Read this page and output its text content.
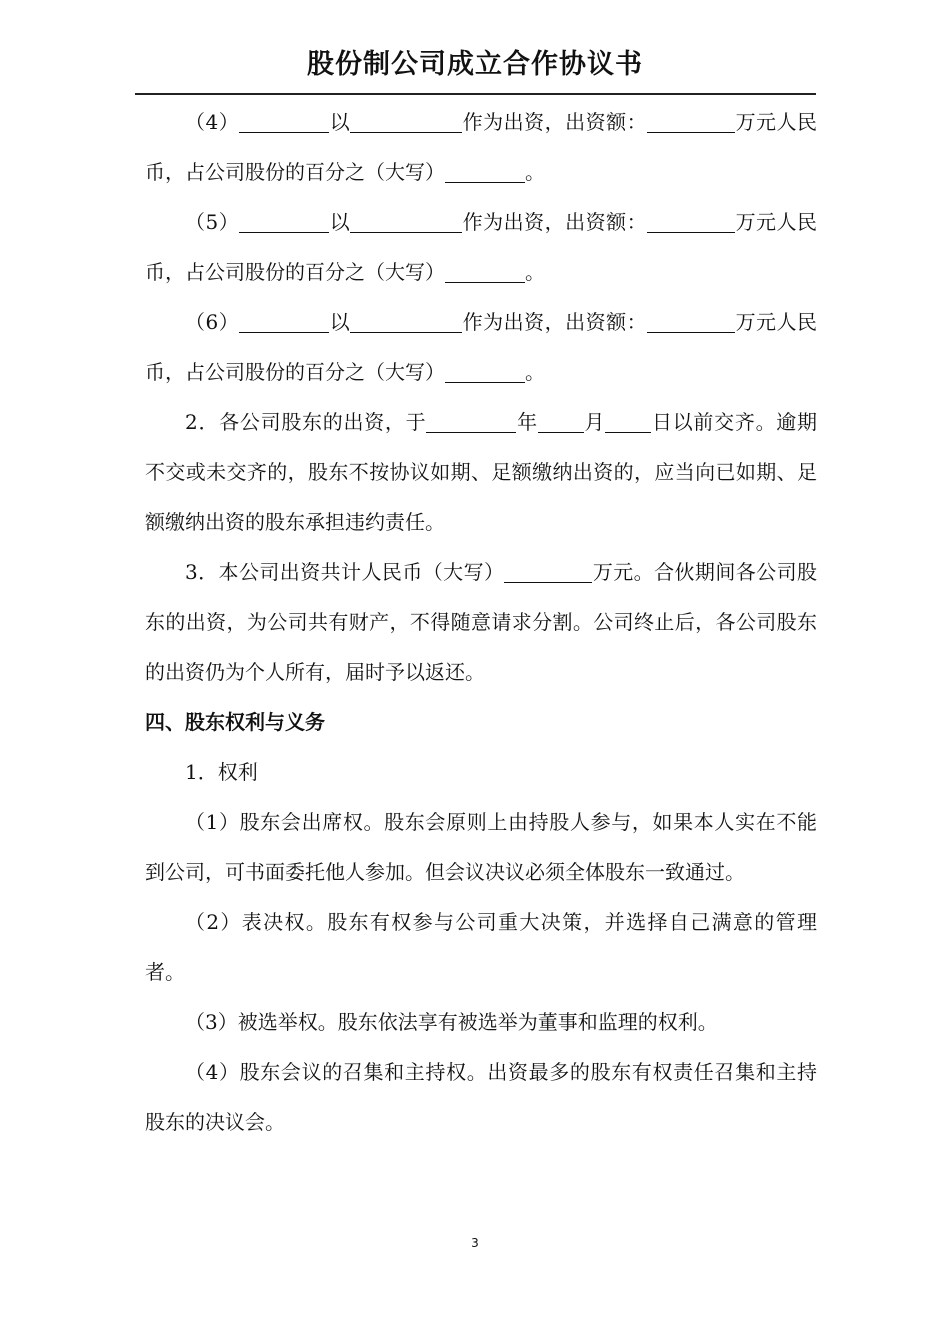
股份制公司成立合作协议书

（4）	以	作为出资，出资额：	万元人民币，占公司股份的百分之（大写）	。

（5）	以	作为出资，出资额：	万元人民币，占公司股份的百分之（大写）	。

（6）	以	作为出资，出资额：	万元人民币，占公司股份的百分之（大写）	。

2．各公司股东的出资，于	年 月 日以前交齐。逾期不交或未交齐的，股东不按协议如期、足额缴纳出资的，应当向已如期、足额缴纳出资的股东承担违约责任。

3．本公司出资共计人民币（大写）	万元。合伙期间各公司股东的出资，为公司共有财产，不得随意请求分割。公司终止后，各公司股东的出资仍为个人所有，届时予以返还。

四、股东权利与义务

1．权利

（1）股东会出席权。股东会原则上由持股人参与，如果本人实在不能到公司，可书面委托他人参加。但会议决议必须全体股东一致通过。

（2）表决权。股东有权参与公司重大决策，并选择自己满意的管理者。

（3）被选举权。股东依法享有被选举为董事和监理的权利。

（4）股东会议的召集和主持权。出资最多的股东有权责任召集和主持股东的决议会。

3
